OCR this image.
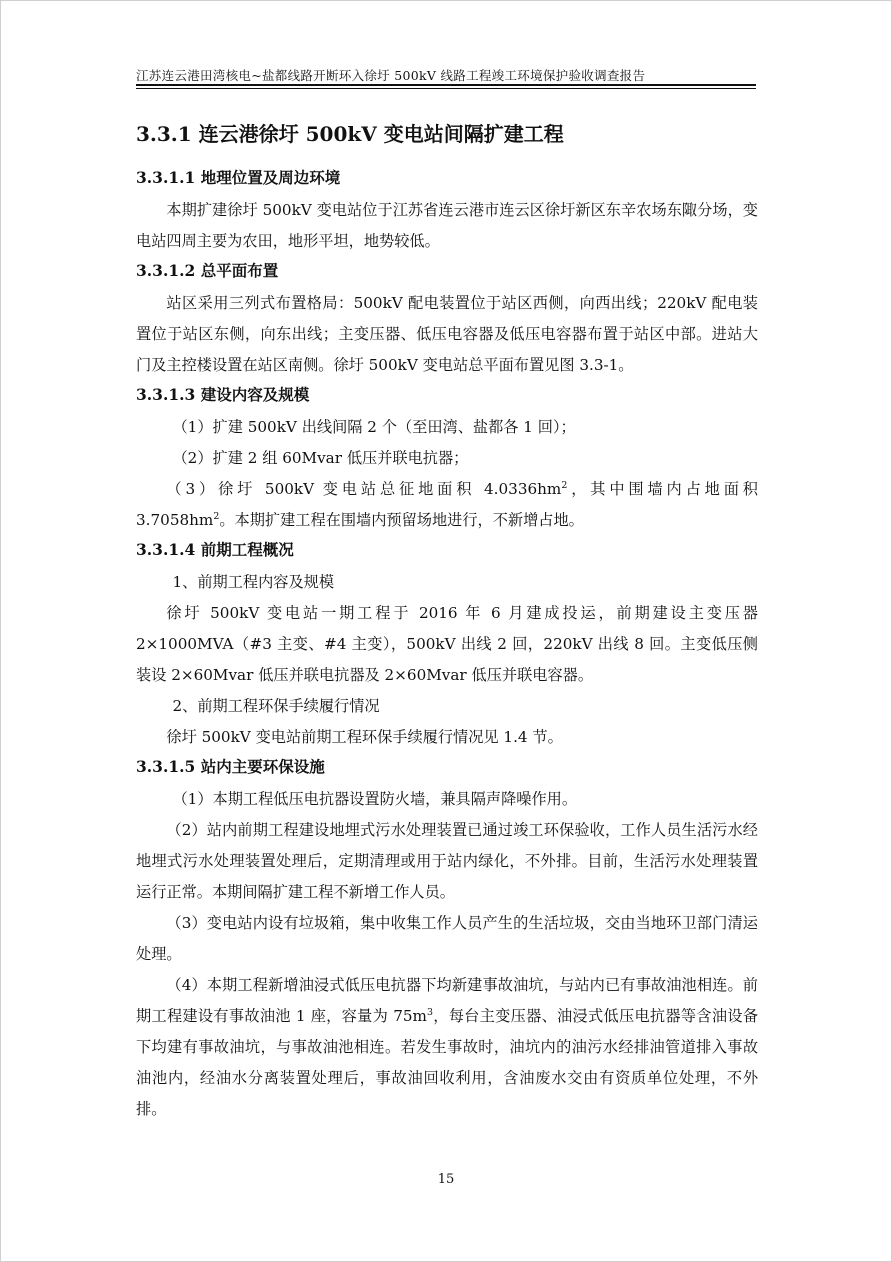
江苏连云港田湾核电~盐都线路开断环入徐圩 500kV 线路工程竣工环境保护验收调查报告
3.3.1 连云港徐圩 500kV 变电站间隔扩建工程
3.3.1.1 地理位置及周边环境

本期扩建徐圩 500kV 变电站位于江苏省连云港市连云区徐圩新区东辛农场东陬分场，变电站四周主要为农田，地形平坦，地势较低。

3.3.1.2 总平面布置

站区采用三列式布置格局：500kV 配电装置位于站区西侧，向西出线；220kV 配电装置位于站区东侧，向东出线；主变压器、低压电容器及低压电容器布置于站区中部。进站大门及主控楼设置在站区南侧。徐圩 500kV 变电站总平面布置见图 3.3-1。

3.3.1.3 建设内容及规模
（1）扩建 500kV 出线间隔 2 个（至田湾、盐都各 1 回）；
（2）扩建 2 组 60Mvar 低压并联电抗器；

（3）徐圩 500kV 变电站总征地面积 $4.0336hm^2$，其中围墙内占地面积 $3.7058hm^2$。本期扩建工程在围墙内预留场地进行，不新增占地。

3.3.1.4 前期工程概况
1、前期工程内容及规模

徐圩 500kV 变电站一期工程于 2016 年 6 月建成投运，前期建设主变压器 2×1000MVA（#3 主变、#4 主变），500kV 出线 2 回，220kV 出线 8 回。主变低压侧装设 2×60Mvar 低压并联电抗器及 2×60Mvar 低压并联电容器。

2、前期工程环保手续履行情况

徐圩 500kV 变电站前期工程环保手续履行情况见 1.4 节。

3.3.1.5 站内主要环保设施
（1）本期工程低压电抗器设置防火墙，兼具隔声降噪作用。

（2）站内前期工程建设地埋式污水处理装置已通过竣工环保验收，工作人员生活污水经地埋式污水处理装置处理后，定期清理或用于站内绿化，不外排。目前，生活污水处理装置运行正常。本期间隔扩建工程不新增工作人员。

（3）变电站内设有垃圾箱，集中收集工作人员产生的生活垃圾，交由当地环卫部门清运处理。

（4）本期工程新增油浸式低压电抗器下均新建事故油坑，与站内已有事故油池相连。前期工程建设有事故油池 1 座，容量为 $75m^3$，每台主变压器、油浸式低压电抗器等含油设备下均建有事故油坑，与事故油池相连。若发生事故时，油坑内的油污水经排油管道排入事故油池内，经油水分离装置处理后，事故油回收利用，含油废水交由有资质单位处理，不外排。

15
